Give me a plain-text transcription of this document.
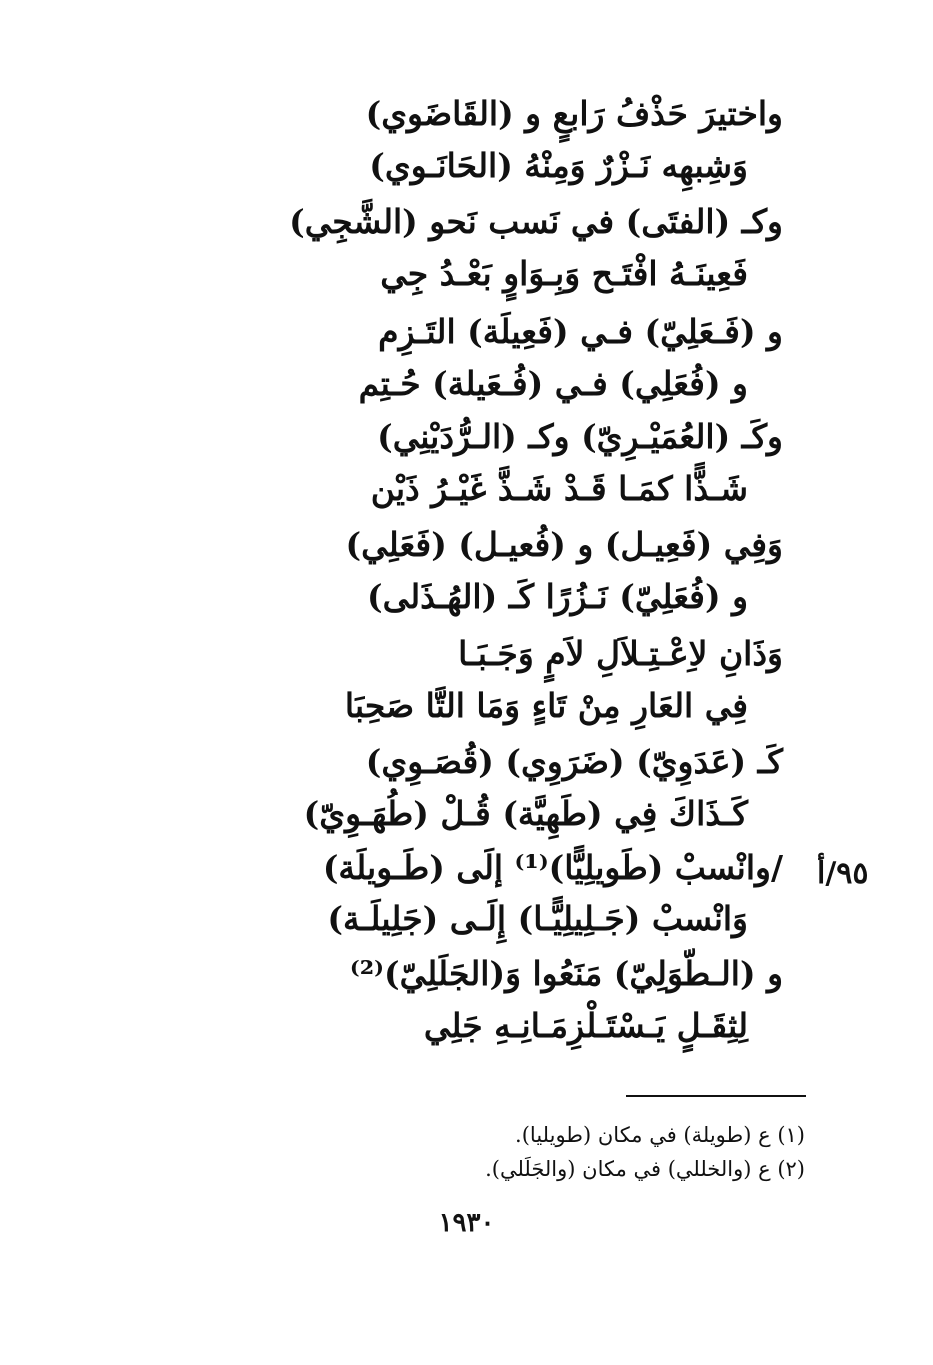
واختيرَ حَذْفُ رَابعٍ و (القَاضَوي)
وَشِبهِه نَـزْرٌ وَمِنْهُ (الحَانَـوي)
وكـ (الفتَى) في نَسب نَحو (الشَّجِي)
فَعِينَـهُ افْتَـح وَبِـوَاوٍ بَعْـدُ جِي
و (فَـعَلِيّ) فـي (فَعِيلَة) التَـزِم
و (فُعَلِي) فـي (فُـعَيلة) حُـتِم
وكَـ (العُمَيْـرِيّ) وكـ (الـرُّدَيْنِي)
شَـذًّا كمَـا قَـدْ شَـذَّ غَيْـرُ ذَيْن
وَفِي (فَعِيـل) و (فُعيـل) (فَعَلِي)
و (فُعَلِيّ) نَـزُرًا كَـ (الهُـذَلى)
وَذَانِ لاِعْـتِـلاَلِ لاَمٍ وَجَـبَـا
فِي العَارِ مِنْ تَاءٍ وَمَا التَّا صَحِبَا
كَـ (عَدَوِيّ) (ضَرَوِي) (قُصَـوِي)
كَـذَاكَ فِي (طَهِيَّة) قُـلْ (طُهَـوِيّ)
/وانْسبْ (طَويلِيًّا)⁽¹⁾ إلَى (طَـويلَة)
وَانْسبْ (جَـلِيلِيًّـا) إِلَـى (جَلِيلَـة)
و (الـطّوَلِيّ) مَنَعُوا وَ(الجَلَلِيّ)⁽²⁾
لِثِقَـلٍ يَـسْتَـلْزِمَـانِـهِ جَلِي
٩٥/أ
(١) ع (طويلة) في مكان (طويليا).
(٢) ع (والخللي) في مكان (والجَلَلي).
١٩٣٠
